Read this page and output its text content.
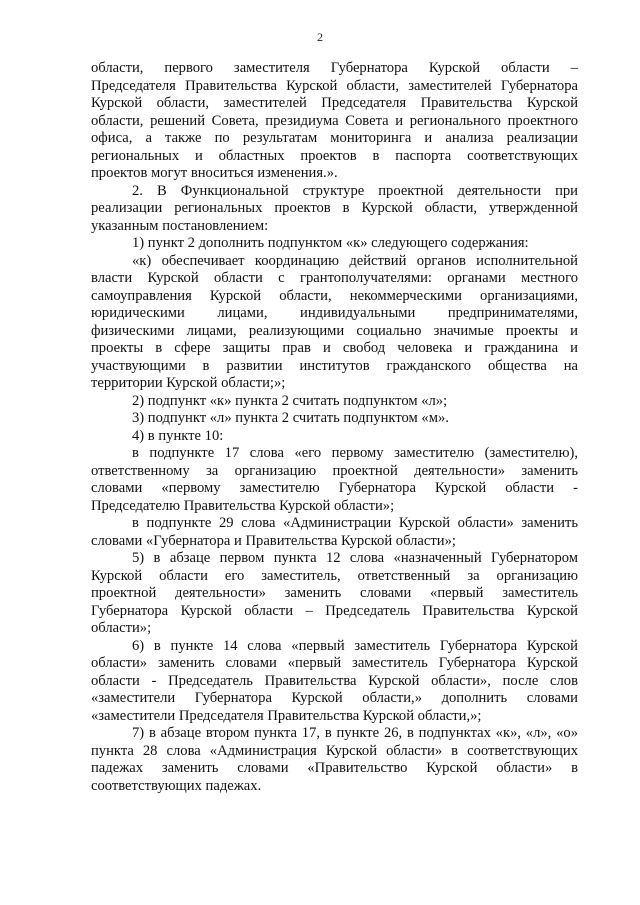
2
области, первого заместителя Губернатора Курской области –
Председателя Правительства Курской области, заместителей Губернатора
Курской области, заместителей Председателя Правительства Курской
области, решений Совета, президиума Совета и регионального проектного
офиса, а также по результатам мониторинга и анализа реализации
региональных и областных проектов в паспорта соответствующих
проектов могут вноситься изменения.».
2. В Функциональной структуре проектной деятельности при
реализации региональных проектов в Курской области, утвержденной
указанным постановлением:
1) пункт 2 дополнить подпунктом «к» следующего содержания:
«к) обеспечивает координацию действий органов исполнительной
власти Курской области с грантополучателями: органами местного
самоуправления Курской области, некоммерческими организациями,
юридическими лицами, индивидуальными предпринимателями,
физическими лицами, реализующими социально значимые проекты и
проекты в сфере защиты прав и свобод человека и гражданина и
участвующими в развитии институтов гражданского общества на
территории Курской области;»;
2) подпункт «к» пункта 2 считать подпунктом «л»;
3) подпункт «л» пункта 2 считать подпунктом «м».
4) в пункте 10:
в подпункте 17 слова «его первому заместителю (заместителю),
ответственному за организацию проектной деятельности» заменить
словами «первому заместителю Губернатора Курской области -
Председателю Правительства Курской области»;
в подпункте 29 слова «Администрации Курской области» заменить
словами «Губернатора и Правительства Курской области»;
5) в абзаце первом пункта 12 слова «назначенный Губернатором
Курской области его заместитель, ответственный за организацию
проектной деятельности» заменить словами «первый заместитель
Губернатора Курской области – Председатель Правительства Курской
области»;
6) в пункте 14 слова «первый заместитель Губернатора Курской
области» заменить словами «первый заместитель Губернатора Курской
области - Председатель Правительства Курской области», после слов
«заместители Губернатора Курской области,» дополнить словами
«заместители Председателя Правительства Курской области,»;
7) в абзаце втором пункта 17, в пункте 26, в подпунктах «к», «л», «о»
пункта 28 слова «Администрация Курской области» в соответствующих
падежах заменить словами «Правительство Курской области» в
соответствующих падежах.
